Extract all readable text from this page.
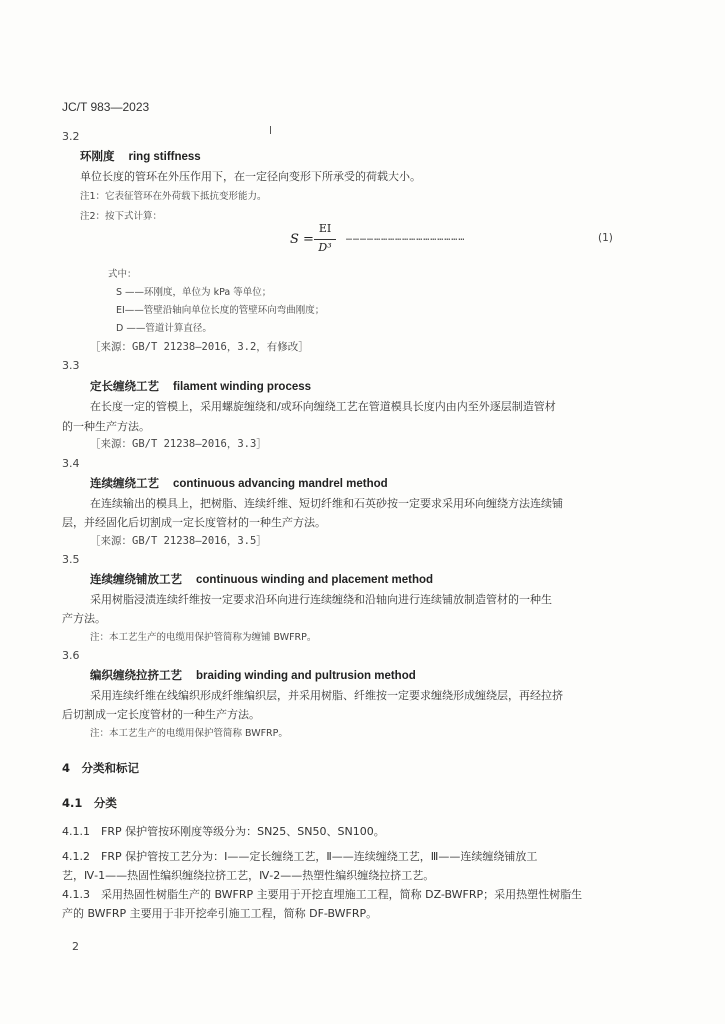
JC/T 983—2023
3.2
环刚度 ring stiffness
单位长度的管环在外压作用下，在一定径向变形下所承受的荷载大小。
注1：它表征管环在外荷载下抵抗变形能力。
注2：按下式计算：
S =
EI
D³
……………………………………………	(1)
式中：
S ——环刚度，单位为 kPa 等单位；
EI——管壁沿轴向单位长度的管壁环向弯曲刚度；
D ——管道计算直径。
［来源：GB/T 21238—2016，3.2，有修改］
3.3
定长缠绕工艺 filament winding process
在长度一定的管模上，采用螺旋缠绕和/或环向缠绕工艺在管道模具长度内由内至外逐层制造管材
的一种生产方法。
［来源：GB/T 21238—2016，3.3］
3.4
连续缠绕工艺 continuous advancing mandrel method
在连续输出的模具上，把树脂、连续纤维、短切纤维和石英砂按一定要求采用环向缠绕方法连续铺
层，并经固化后切割成一定长度管材的一种生产方法。
［来源：GB/T 21238—2016，3.5］
3.5
连续缠绕铺放工艺 continuous winding and placement method
采用树脂浸渍连续纤维按一定要求沿环向进行连续缠绕和沿轴向进行连续铺放制造管材的一种生
产方法。
注：本工艺生产的电缆用保护管简称为缠铺 BWFRP。
3.6
编织缠绕拉挤工艺 braiding winding and pultrusion method
采用连续纤维在线编织形成纤维编织层，并采用树脂、纤维按一定要求缠绕形成缠绕层，再经拉挤
后切割成一定长度管材的一种生产方法。
注：本工艺生产的电缆用保护管简称 BWFRP。
4　分类和标记
4.1　分类
4.1.1　FRP 保护管按环刚度等级分为：SN25、SN50、SN100。
4.1.2　FRP 保护管按工艺分为：Ⅰ——定长缠绕工艺，Ⅱ——连续缠绕工艺，Ⅲ——连续缠绕铺放工
艺，Ⅳ-1——热固性编织缠绕拉挤工艺，Ⅳ-2——热塑性编织缠绕拉挤工艺。
4.1.3　采用热固性树脂生产的 BWFRP 主要用于开挖直埋施工工程，简称 DZ-BWFRP；采用热塑性树脂生
产的 BWFRP 主要用于非开挖牵引施工工程，简称 DF-BWFRP。
2
